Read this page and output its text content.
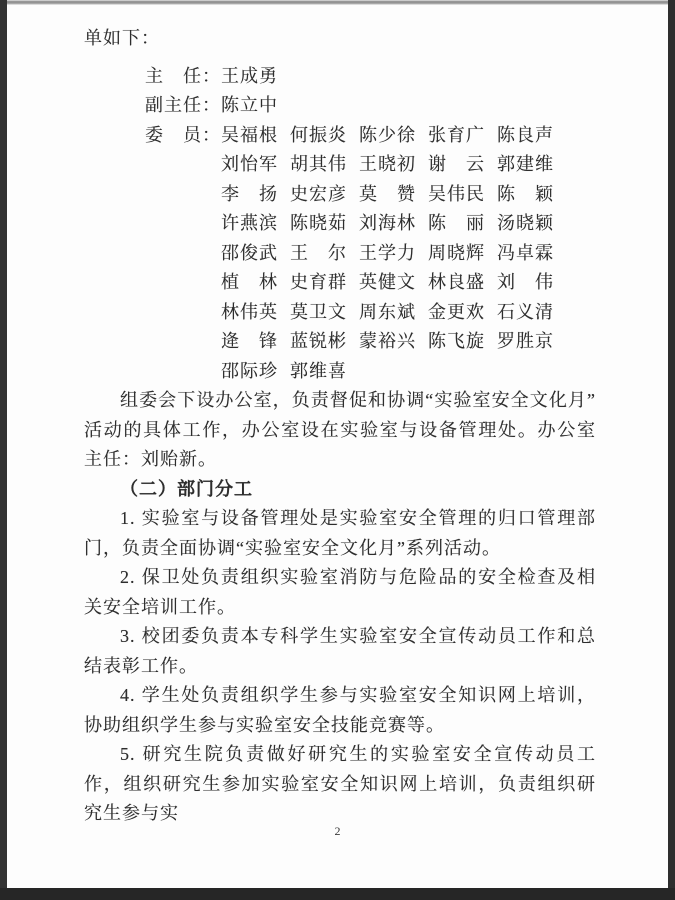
单如下：

主　任：王成勇
副主任：陈立中
委　员： 吴福根 何振炎 陈少徐 张育广 陈良声
刘怡军 胡其伟 王晓初 谢　云 郭建维
李　扬 史宏彦 莫　赞 吴伟民 陈　颖
许燕滨 陈晓茹 刘海林 陈　丽 汤晓颖
邵俊武 王　尔 王学力 周晓辉 冯卓霖
植　林 史育群 英健文 林良盛 刘　伟
林伟英 莫卫文 周东斌 金更欢 石义清
逄　锋 蓝锐彬 蒙裕兴 陈飞旋 罗胜京
邵际珍 郭维喜

组委会下设办公室，负责督促和协调“实验室安全文化月”活动的具体工作，办公室设在实验室与设备管理处。办公室主任：刘贻新。

（二）部门分工

1. 实验室与设备管理处是实验室安全管理的归口管理部门，负责全面协调“实验室安全文化月”系列活动。

2. 保卫处负责组织实验室消防与危险品的安全检查及相关安全培训工作。

3. 校团委负责本专科学生实验室安全宣传动员工作和总结表彰工作。

4. 学生处负责组织学生参与实验室安全知识网上培训，协助组织学生参与实验室安全技能竞赛等。

5. 研究生院负责做好研究生的实验室安全宣传动员工作，组织研究生参加实验室安全知识网上培训，负责组织研究生参与实

2
